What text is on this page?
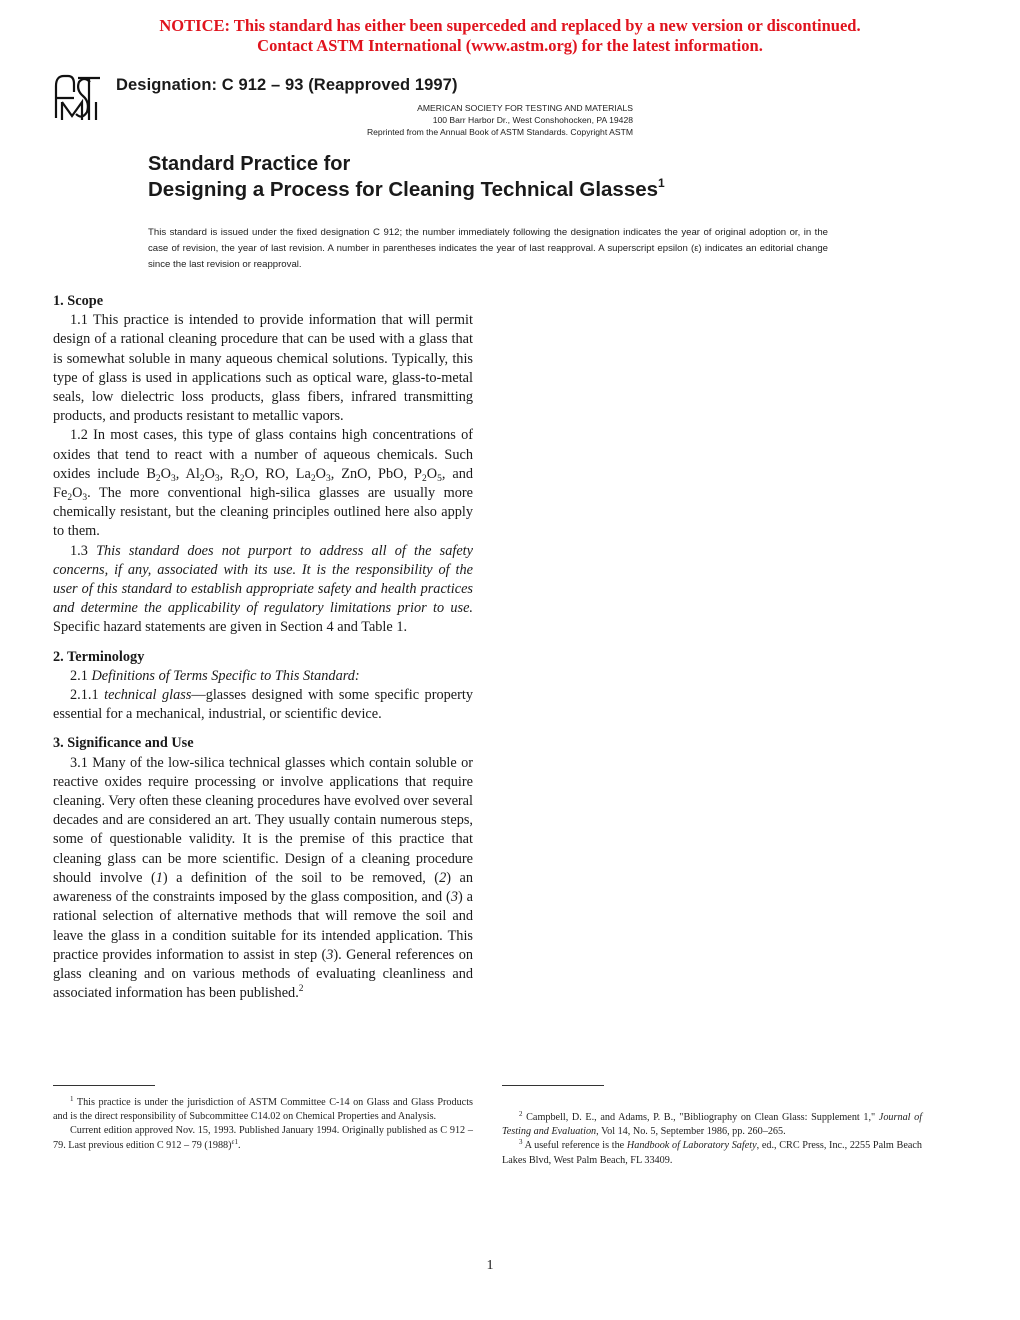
NOTICE: This standard has either been superceded and replaced by a new version or discontinued.
Contact ASTM International (www.astm.org) for the latest information.
Designation: C 912 – 93 (Reapproved 1997)
AMERICAN SOCIETY FOR TESTING AND MATERIALS
100 Barr Harbor Dr., West Conshohocken, PA 19428
Reprinted from the Annual Book of ASTM Standards. Copyright ASTM
Standard Practice for
Designing a Process for Cleaning Technical Glasses$^1$
This standard is issued under the fixed designation C 912; the number immediately following the designation indicates the year of original adoption or, in the case of revision, the year of last revision. A number in parentheses indicates the year of last reapproval. A superscript epsilon (ε) indicates an editorial change since the last revision or reapproval.
1. Scope

1.1 This practice is intended to provide information that will permit design of a rational cleaning procedure that can be used with a glass that is somewhat soluble in many aqueous chemical solutions. Typically, this type of glass is used in applications such as optical ware, glass-to-metal seals, low dielectric loss products, glass fibers, infrared transmitting products, and products resistant to metallic vapors.

1.2 In most cases, this type of glass contains high concentrations of oxides that tend to react with a number of aqueous chemicals. Such oxides include $B_2O_3$, $Al_2O_3$, $R_2O$, RO, $La_2O_3$, ZnO, PbO, $P_2O_5$, and $Fe_2O_3$. The more conventional high-silica glasses are usually more chemically resistant, but the cleaning principles outlined here also apply to them.

1.3 This standard does not purport to address all of the safety concerns, if any, associated with its use. It is the responsibility of the user of this standard to establish appropriate safety and health practices and determine the applicability of regulatory limitations prior to use. Specific hazard statements are given in Section 4 and Table 1.

2. Terminology

2.1 Definitions of Terms Specific to This Standard:

2.1.1 technical glass—glasses designed with some specific property essential for a mechanical, industrial, or scientific device.

3. Significance and Use

3.1 Many of the low-silica technical glasses which contain soluble or reactive oxides require processing or involve applications that require cleaning. Very often these cleaning procedures have evolved over several decades and are considered an art. They usually contain numerous steps, some of questionable validity. It is the premise of this practice that cleaning glass can be more scientific. Design of a cleaning procedure should involve (1) a definition of the soil to be removed, (2) an awareness of the constraints imposed by the glass composition, and (3) a rational selection of alternative methods that will remove the soil and leave the glass in a condition suitable for its intended application. This practice provides information to assist in step (3). General references on glass cleaning and on various methods of evaluating cleanliness and associated information has been published.$^2$

$^1$ This practice is under the jurisdiction of ASTM Committee C-14 on Glass and Glass Products and is the direct responsibility of Subcommittee C14.02 on Chemical Properties and Analysis.

Current edition approved Nov. 15, 1993. Published January 1994. Originally published as C 912 – 79. Last previous edition C 912 – 79 $(1988)^{\varepsilon 1}$.

$^2$ Campbell, D. E., and Adams, P. B., "Bibliography on Clean Glass: Supplement 1," Journal of Testing and Evaluation, Vol 14, No. 5, September 1986, pp. 260–265.

$^3$ A useful reference is the Handbook of Laboratory Safety, ed., CRC Press, Inc., 2255 Palm Beach Lakes Blvd, West Palm Beach, FL 33409.

1
